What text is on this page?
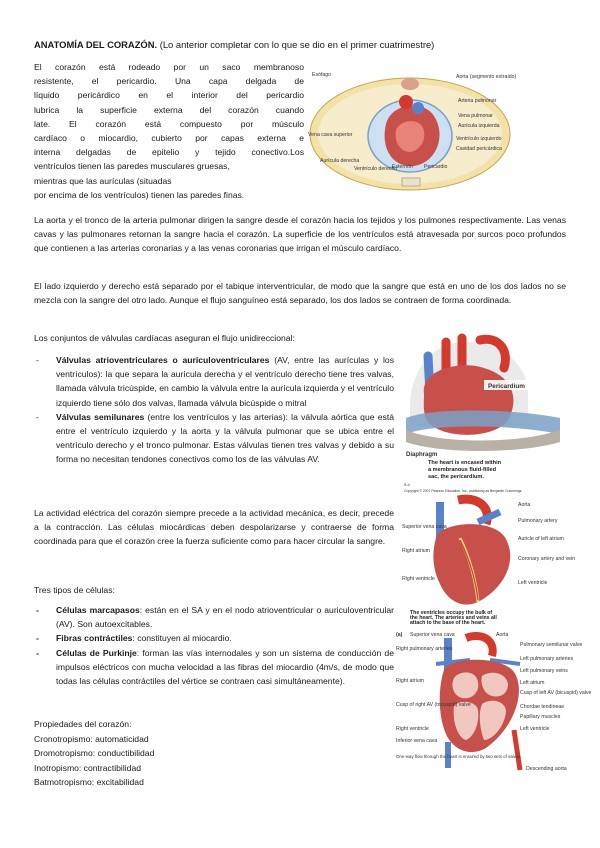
ANATOMÍA DEL CORAZÓN. (Lo anterior completar con lo que se dio en el primer cuatrimestre)
El corazón está rodeado por un saco membranoso
resistente, el pericardio. Una capa delgada de
líquido pericárdico en el interior del pericardio
lubrica la superficie externa del corazón cuando
late. El corazón está compuesto por músculo
cardíaco o miocardio, cubierto por capas externa e
interna delgadas de epitelio y tejido conectivo.Los
ventrículos tienen las paredes musculares gruesas,
mientras que las aurículas (situadas
por encima de los ventrículos) tienen las paredes finas.
Esófago	Aorta (segmento extraído)
Arteria pulmonar
Vena pulmonar
Aurícula izquierda
Ventrículo izquierdo
Cavidad pericárdica
Vena cava superior
Aurícula derecha
Ventrículo derecho
Esternón Pericardio
La aorta y el tronco de la arteria pulmonar dirigen la sangre desde el corazón hacia los tejidos y los pulmones respectivamente. Las venas cavas y las pulmonares retornan la sangre hacia el corazón. La superficie de los ventrículos está atravesada por surcos poco profundos que contienen a las arterias coronarias y a las venas coronarias que irrigan el músculo cardíaco.
El lado izquierdo y derecho está separado por el tabique interventricular, de modo que la sangre que está en uno de los dos lados no se mezcla con la sangre del otro lado. Aunque el flujo sanguíneo está separado, los dos lados se contraen de forma coordinada.
Los conjuntos de válvulas cardíacas aseguran el flujo unidireccional:
- Válvulas atrioventriculares o auriculoventriculares (AV, entre las aurículas y los ventrículos): la que separa la aurícula derecha y el ventrículo derecho tiene tres valvas, llamada válvula tricúspide, en cambio la válvula entre la aurícula izquierda y el ventrículo izquierdo tiene sólo dos valvas, llamada válvula bicúspide o mitral
- Válvulas semilunares (entre los ventrículos y las arterias): la válvula aórtica que está entre el ventrículo izquierdo y la aorta y la válvula pulmonar que se ubica entre el ventrículo derecho y el tronco pulmonar. Estas válvulas tienen tres valvas y debido a su forma no necesitan tendones conectivos como los de las válvulas AV.
Pericardium
Diaphragm
The heart is encased within
a membranous fluid-filled
sac, the pericardium.
9-4
Copyright © 2007 Pearson Education, Inc., publishing as Benjamin Cummings.
La actividad eléctrica del corazón siempre precede a la actividad mecánica, es decir, precede a la contracción. Las células miocárdicas deben despolarizarse y contraerse de forma coordinada para que el corazón cree la fuerza suficiente como para hacer circular la sangre.
Aorta
Superior vena cava
Pulmonary artery
Auricle of left atrium
Right atrium
Coronary artery and vein
Right ventricle
Left ventricle
The ventricles occupy the bulk of
the heart. The arteries and veins all
attach to the base of the heart.
Tres tipos de células:
- Células marcapasos: están en el SA y en el nodo atrioventricular o auriculoventricular (AV). Son autoexcitables.
- Fibras contráctiles: constituyen al miocardio.
- Células de Purkinje: forman las vías internodales y son un sistema de conducción de impulsos eléctricos con mucha velocidad a las fibras del miocardio (4m/s, de modo que todas las células contráctiles del vértice se contraen casi simultáneamente).
(a) Superior vena cava	Aorta
Pulmonary semilunar valve
Right pulmonary arteries
Left pulmonary arteries
Left pulmonary veins
Right atrium	Left atrium
Cusp of left AV (bicuspid) valve
Cusp of right AV (tricuspid) valve	Chordae tendineae
Papillary muscles
Right ventricle
Inferior vena cava
Left ventricle
One-way flow through the heart is ensured by two sets of valves.
Descending aorta
Propiedades del corazón:
Cronotropismo: automaticidad
Dromotropismo: conductibilidad
Inotropismo: contractibilidad
Batmotropismo: excitabilidad
